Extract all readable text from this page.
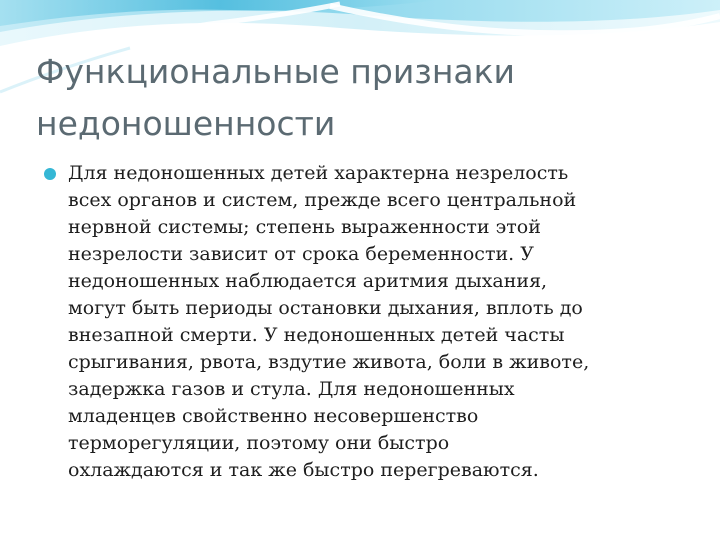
Функциональные признаки
недоношенности

Для недоношенных детей характерна незрелость
всех органов и систем, прежде всего центральной
нервной системы; степень выраженности этой
незрелости зависит от срока беременности. У
недоношенных наблюдается аритмия дыхания,
могут быть периоды остановки дыхания, вплоть до
внезапной смерти. У недоношенных детей часты
срыгивания, рвота, вздутие живота, боли в животе,
задержка газов и стула. Для недоношенных
младенцев свойственно несовершенство
терморегуляции, поэтому они быстро
охлаждаются и так же быстро перегреваются.
